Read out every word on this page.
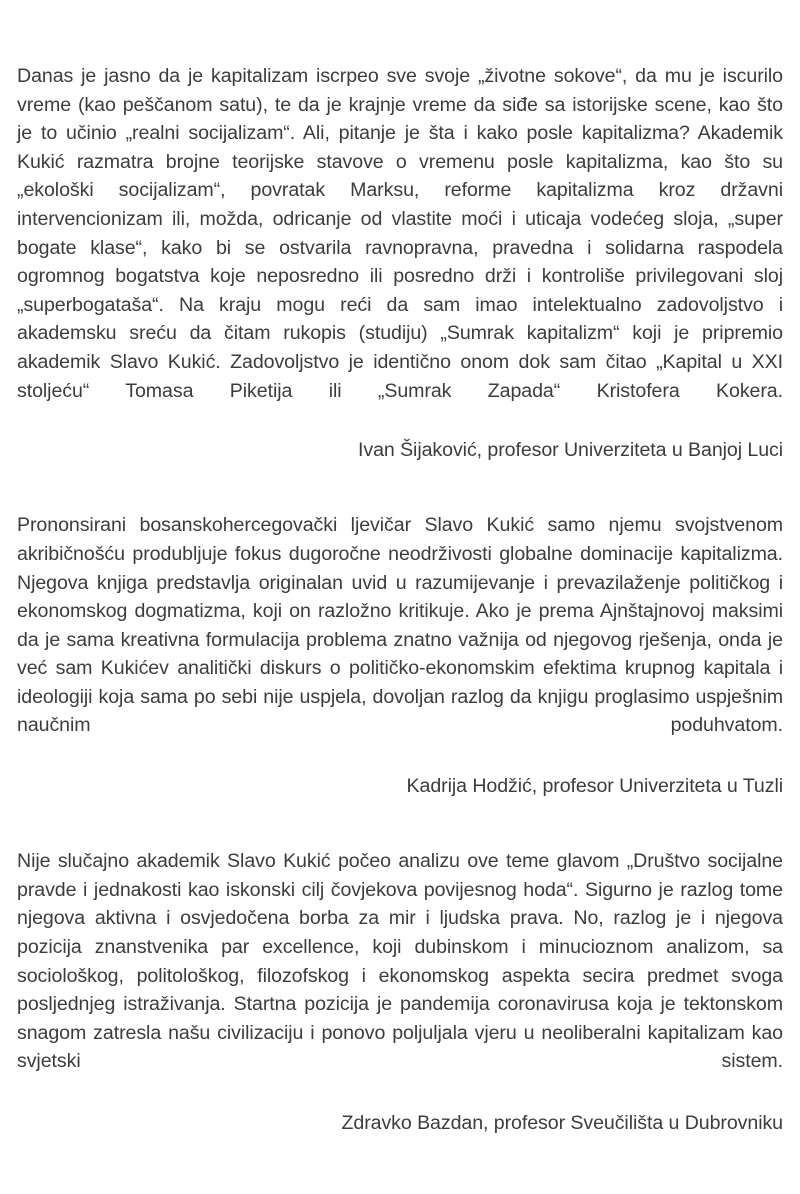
Danas je jasno da je kapitalizam iscrpeo sve svoje „životne sokove“, da mu je iscurilo vreme (kao peščanom satu), te da je krajnje vreme da siđe sa istorijske scene, kao što je to učinio „realni socijalizam“. Ali, pitanje je šta i kako posle kapitalizma? Akademik Kukić razmatra brojne teorijske stavove o vremenu posle kapitalizma, kao što su „ekološki socijalizam“, povratak Marksu, reforme kapitalizma kroz državni intervencionizam ili, možda, odricanje od vlastite moći i uticaja vodećeg sloja, „super bogate klase“, kako bi se ostvarila ravnopravna, pravedna i solidarna raspodela ogromnog bogatstva koje neposredno ili posredno drži i kontroliše privilegovani sloj „superbogataša“. Na kraju mogu reći da sam imao intelektualno zadovoljstvo i akademsku sreću da čitam rukopis (studiju) „Sumrak kapitalizm“ koji je pripremio akademik Slavo Kukić. Zadovoljstvo je identično onom dok sam čitao „Kapital u XXI stoljeću“ Tomasa Piketija ili „Sumrak Zapada“ Kristofera Kokera.

Ivan Šijaković, profesor Univerziteta u Banjoj Luci

Prononsirani bosanskohercegovački ljevičar Slavo Kukić samo njemu svojstvenom akribičnošću produbljuje fokus dugoročne neodrživosti globalne dominacije kapitalizma. Njegova knjiga predstavlja originalan uvid u razumijevanje i prevazilaženje političkog i ekonomskog dogmatizma, koji on razložno kritikuje. Ako je prema Ajnštajnovoj maksimi da je sama kreativna formulacija problema znatno važnija od njegovog rješenja, onda je već sam Kukićev analitički diskurs o političko-ekonomskim efektima krupnog kapitala i ideologiji koja sama po sebi nije uspjela, dovoljan razlog da knjigu proglasimo uspješnim naučnim poduhvatom.

Kadrija Hodžić, profesor Univerziteta u Tuzli

Nije slučajno akademik Slavo Kukić počeo analizu ove teme glavom „Društvo socijalne pravde i jednakosti kao iskonski cilj čovjekova povijesnog hoda“. Sigurno je razlog tome njegova aktivna i osvjedočena borba za mir i ljudska prava. No, razlog je i njegova pozicija znanstvenika par excellence, koji dubinskom i minucioznom analizom, sa sociološkog, politološkog, filozofskog i ekonomskog aspekta secira predmet svoga posljednjeg istraživanja. Startna pozicija je pandemija coronavirusa koja je tektonskom snagom zatresla našu civilizaciju i ponovo poljuljala vjeru u neoliberalni kapitalizam kao svjetski sistem.

Zdravko Bazdan, profesor Sveučilišta u Dubrovniku
